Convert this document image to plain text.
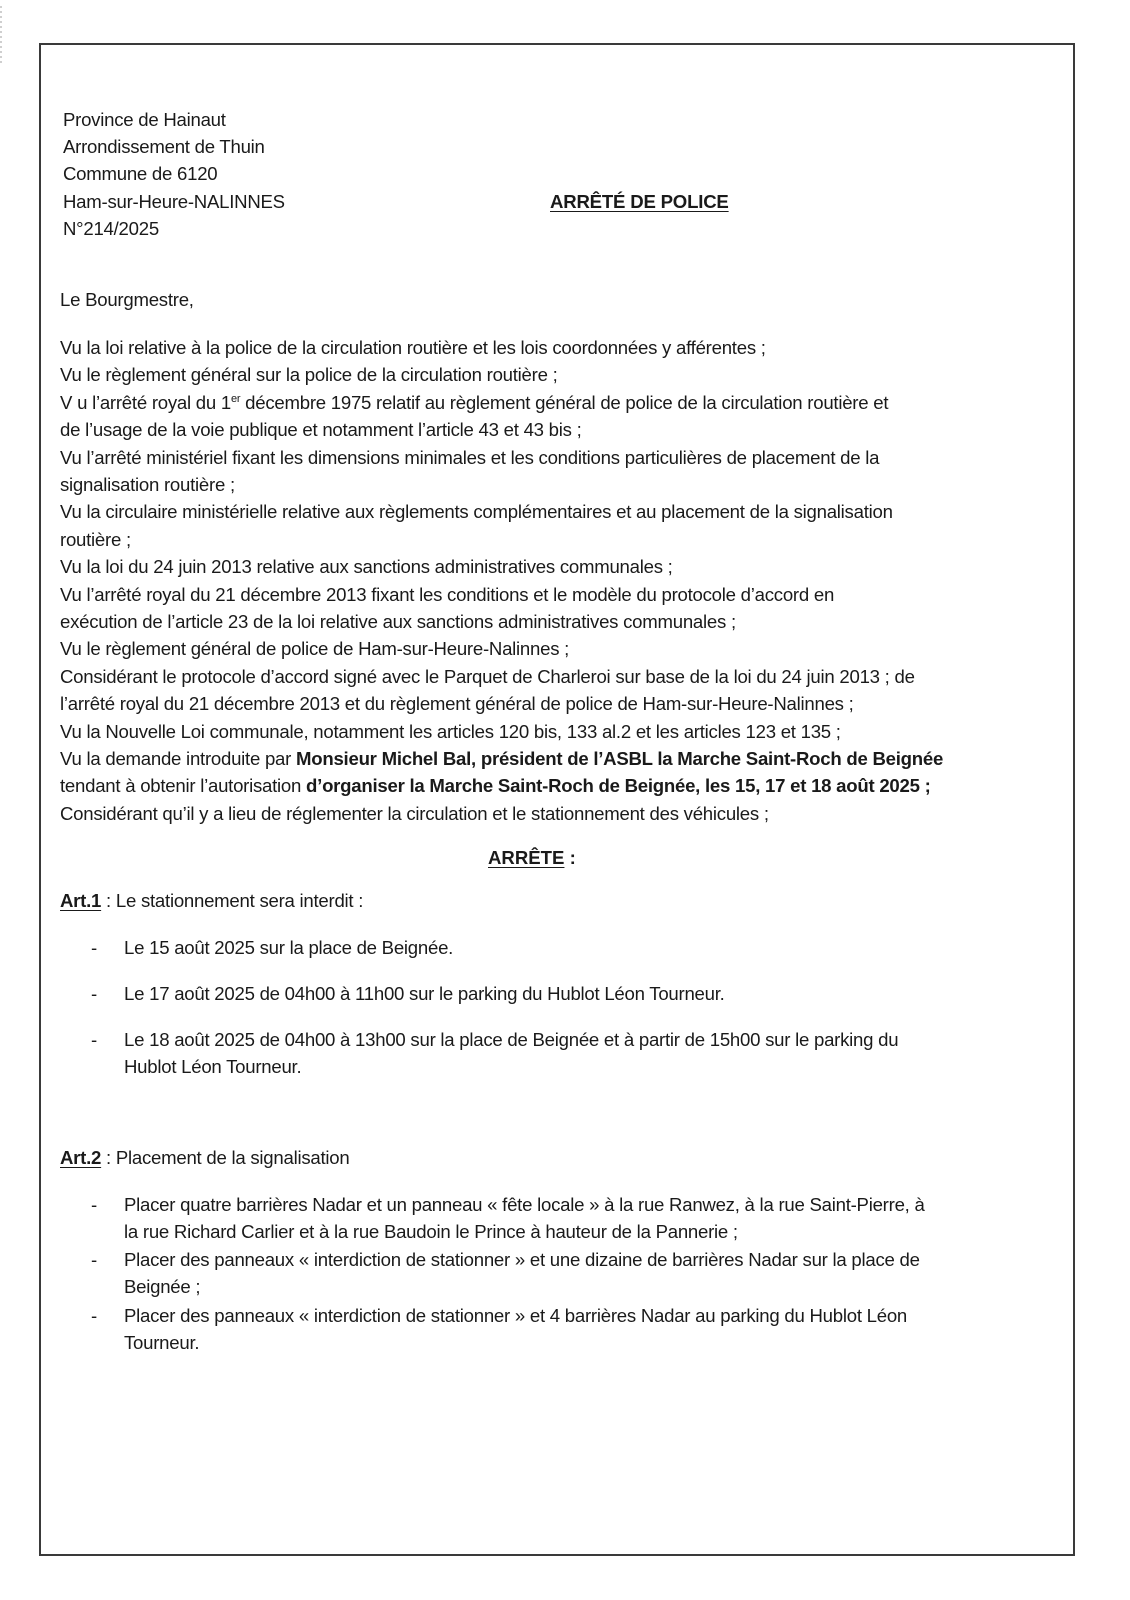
Province de Hainaut
Arrondissement de Thuin
Commune de 6120
Ham-sur-Heure-NALINNES
N°214/2025
ARRÊTÉ DE POLICE
Le Bourgmestre,
Vu la loi relative à la police de la circulation routière et les lois coordonnées y afférentes ;
Vu le règlement général sur la police de la circulation routière ;
V u l’arrêté royal du 1er décembre 1975 relatif au règlement général de police de la circulation routière et
de l’usage de la voie publique et notamment l’article 43 et 43 bis ;
Vu l’arrêté ministériel fixant les dimensions minimales et les conditions particulières de placement de la
signalisation routière ;
Vu la circulaire ministérielle relative aux règlements complémentaires et au placement de la signalisation
routière ;
Vu la loi du 24 juin 2013 relative aux sanctions administratives communales ;
Vu l’arrêté royal du 21 décembre 2013 fixant les conditions et le modèle du protocole d’accord en
exécution de l’article 23 de la loi relative aux sanctions administratives communales ;
Vu le règlement général de police de Ham-sur-Heure-Nalinnes ;
Considérant le protocole d’accord signé avec le Parquet de Charleroi sur base de la loi du 24 juin 2013 ; de
l’arrêté royal du 21 décembre 2013 et du règlement général de police de Ham-sur-Heure-Nalinnes ;
Vu la Nouvelle Loi communale, notamment les articles 120 bis, 133 al.2 et les articles 123 et 135 ;
Vu la demande introduite par Monsieur Michel Bal, président de l’ASBL la Marche Saint-Roch de Beignée
tendant à obtenir l’autorisation d’organiser la Marche Saint-Roch de Beignée, les 15, 17 et 18 août 2025 ;
Considérant qu’il y a lieu de réglementer la circulation et le stationnement des véhicules ;
ARRÊTE :
Art.1 : Le stationnement sera interdit :
- Le 15 août 2025 sur la place de Beignée.
- Le 17 août 2025 de 04h00 à 11h00 sur le parking du Hublot Léon Tourneur.
- Le 18 août 2025 de 04h00 à 13h00 sur la place de Beignée et à partir de 15h00 sur le parking du
Hublot Léon Tourneur.
Art.2 : Placement de la signalisation
- Placer quatre barrières Nadar et un panneau « fête locale » à la rue Ranwez, à la rue Saint-Pierre, à
la rue Richard Carlier et à la rue Baudoin le Prince à hauteur de la Pannerie ;
- Placer des panneaux « interdiction de stationner » et une dizaine de barrières Nadar sur la place de
Beignée ;
- Placer des panneaux « interdiction de stationner » et 4 barrières Nadar au parking du Hublot Léon
Tourneur.
